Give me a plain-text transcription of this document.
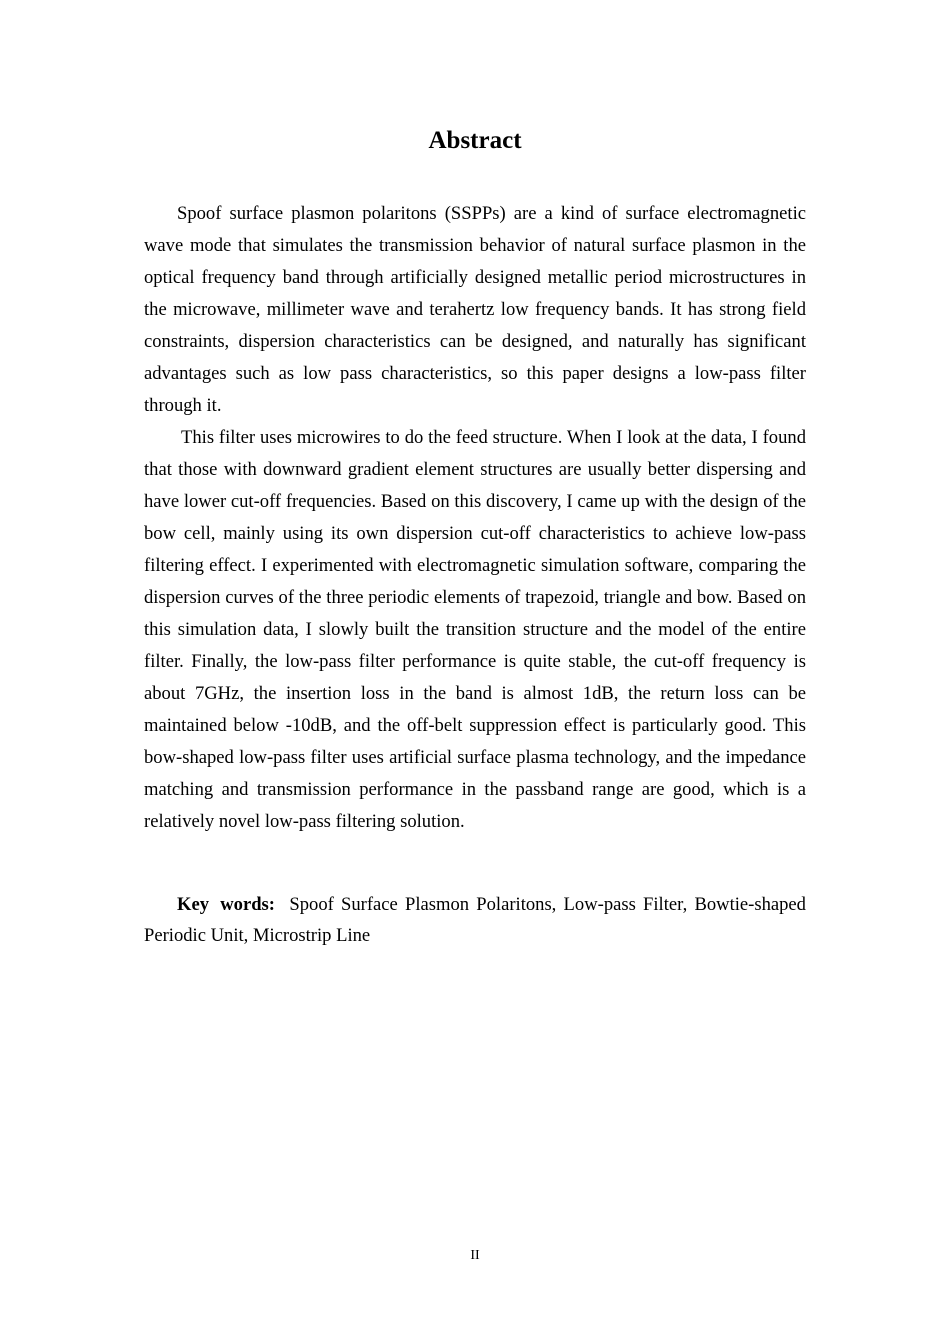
Abstract

Spoof surface plasmon polaritons (SSPPs) are a kind of surface electromagnetic wave mode that simulates the transmission behavior of natural surface plasmon in the optical frequency band through artificially designed metallic period microstructures in the microwave, millimeter wave and terahertz low frequency bands. It has strong field constraints, dispersion characteristics can be designed, and naturally has significant advantages such as low pass characteristics, so this paper designs a low-pass filter through it.

This filter uses microwires to do the feed structure. When I look at the data, I found that those with downward gradient element structures are usually better dispersing and have lower cut-off frequencies. Based on this discovery, I came up with the design of the bow cell, mainly using its own dispersion cut-off characteristics to achieve low-pass filtering effect. I experimented with electromagnetic simulation software, comparing the dispersion curves of the three periodic elements of trapezoid, triangle and bow. Based on this simulation data, I slowly built the transition structure and the model of the entire filter. Finally, the low-pass filter performance is quite stable, the cut-off frequency is about 7GHz, the insertion loss in the band is almost 1dB, the return loss can be maintained below -10dB, and the off-belt suppression effect is particularly good. This bow-shaped low-pass filter uses artificial surface plasma technology, and the impedance matching and transmission performance in the passband range are good, which is a relatively novel low-pass filtering solution.

Key words: Spoof Surface Plasmon Polaritons, Low-pass Filter, Bowtie-shaped Periodic Unit, Microstrip Line
II
